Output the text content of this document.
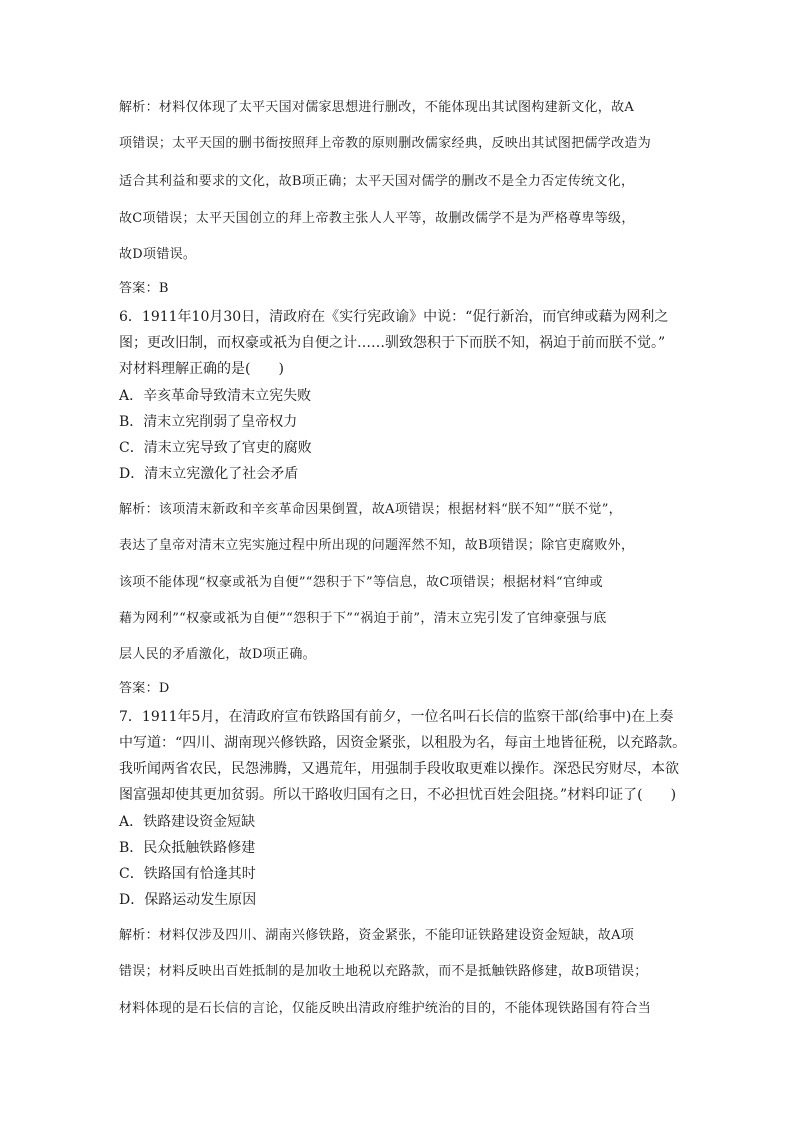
解析：材料仅体现了太平天国对儒家思想进行删改，不能体现出其试图构建新文化，故A
项错误；太平天国的删书衙按照拜上帝教的原则删改儒家经典，反映出其试图把儒学改造为
适合其利益和要求的文化，故B项正确；太平天国对儒学的删改不是全力否定传统文化，
故C项错误；太平天国创立的拜上帝教主张人人平等，故删改儒学不是为严格尊卑等级，
故D项错误。
答案：B
6．1911年10月30日，清政府在《实行宪政谕》中说：“促行新治，而官绅或藉为网利之
图；更改旧制，而权豪或祇为自便之计……驯致怨积于下而朕不知，祸迫于前而朕不觉。”
对材料理解正确的是(　　)
A．辛亥革命导致清末立宪失败
B．清末立宪削弱了皇帝权力
C．清末立宪导致了官吏的腐败
D．清末立宪激化了社会矛盾
解析：该项清末新政和辛亥革命因果倒置，故A项错误；根据材料“朕不知”“朕不觉”，
表达了皇帝对清末立宪实施过程中所出现的问题浑然不知，故B项错误；除官吏腐败外，
该项不能体现“权豪或祇为自便”“怨积于下”等信息，故C项错误；根据材料“官绅或
藉为网利”“权豪或祇为自便”“怨积于下”“祸迫于前”，清末立宪引发了官绅豪强与底
层人民的矛盾激化，故D项正确。
答案：D
7．1911年5月，在清政府宣布铁路国有前夕，一位名叫石长信的监察干部(给事中)在上奏
中写道：“四川、湖南现兴修铁路，因资金紧张，以租股为名，每亩土地皆征税，以充路款。
我听闻两省农民，民怨沸腾，又遇荒年，用强制手段收取更难以操作。深恐民穷财尽，本欲
图富强却使其更加贫弱。所以干路收归国有之日，不必担忧百姓会阻挠。”材料印证了(　　)
A．铁路建设资金短缺
B．民众抵触铁路修建
C．铁路国有恰逢其时
D．保路运动发生原因
解析：材料仅涉及四川、湖南兴修铁路，资金紧张，不能印证铁路建设资金短缺，故A项
错误；材料反映出百姓抵制的是加收土地税以充路款，而不是抵触铁路修建，故B项错误；
材料体现的是石长信的言论，仅能反映出清政府维护统治的目的，不能体现铁路国有符合当
